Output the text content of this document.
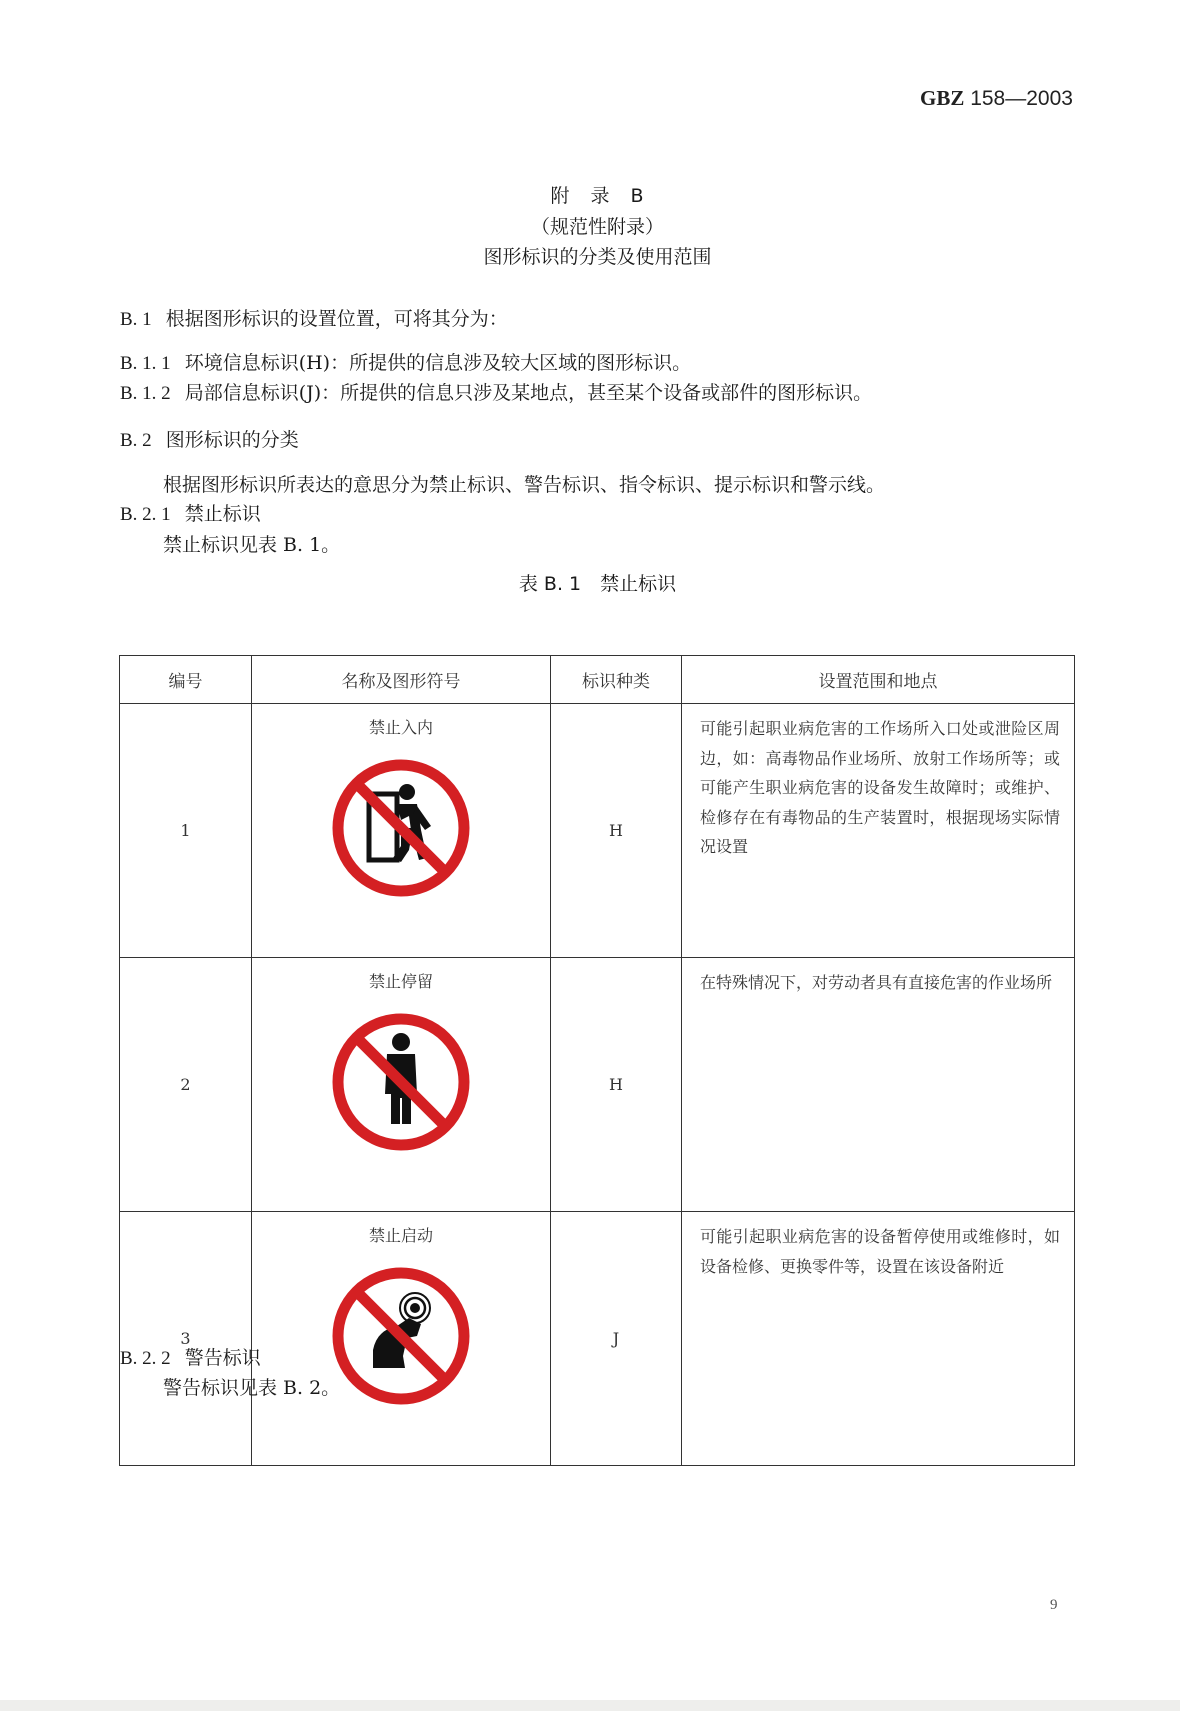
GBZ 158—2003
附　录　B
（规范性附录）
图形标识的分类及使用范围
B. 1 根据图形标识的设置位置，可将其分为：
B. 1. 1 环境信息标识(H)：所提供的信息涉及较大区域的图形标识。
B. 1. 2 局部信息标识(J)：所提供的信息只涉及某地点，甚至某个设备或部件的图形标识。
B. 2 图形标识的分类
根据图形标识所表达的意思分为禁止标识、警告标识、指令标识、提示标识和警示线。
B. 2. 1 禁止标识
禁止标识见表 B. 1。
表 B. 1　禁止标识
编号	名称及图形符号	标识种类	设置范围和地点
1	禁止入内	H	可能引起职业病危害的工作场所入口处或泄险区周边，如：高毒物品作业场所、放射工作场所等；或可能产生职业病危害的设备发生故障时；或维护、检修存在有毒物品的生产装置时，根据现场实际情况设置
2	禁止停留	H	在特殊情况下，对劳动者具有直接危害的作业场所
3	禁止启动	J	可能引起职业病危害的设备暂停使用或维修时，如设备检修、更换零件等，设置在该设备附近
B. 2. 2 警告标识
警告标识见表 B. 2。
9
